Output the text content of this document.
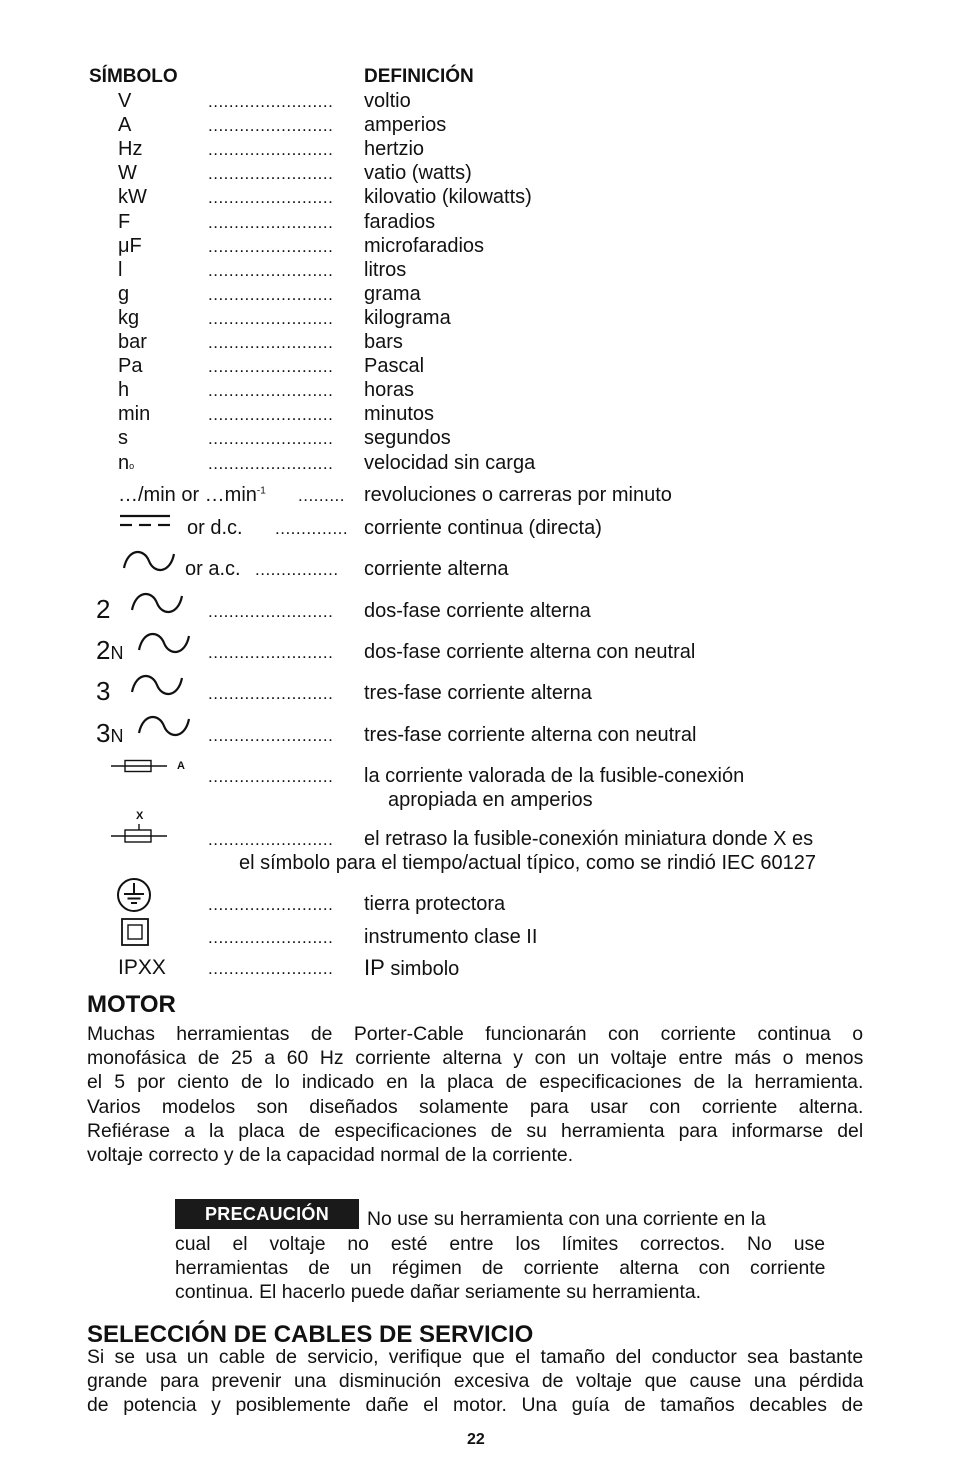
SÍMBOLO	DEFINICIÓN
V	........................ voltio
A	........................ amperios
Hz	........................ hertzio
W	........................ vatio (watts)
kW	........................ kilovatio (kilowatts)
F	........................ faradios
μF	........................ microfaradios
l	........................ litros
g	........................ grama
kg	........................ kilograma
bar	........................ bars
Pa	........................ Pascal
h	........................ horas
min	........................ minutos
s	........................ segundos
no	........................ velocidad sin carga
…/min or $\dots\min^{-1}$ ......... revoluciones o carreras por minuto
or d.c. .............. corriente continua (directa)
or a.c. ................ corriente alterna
2	........................ dos-fase corriente alterna
2N	........................ dos-fase corriente alterna con neutral
3	........................ tres-fase corriente alterna
3N	........................ tres-fase corriente alterna con neutral
A
........................ la corriente valorada de la fusible-conexión
apropiada en amperios
X
........................ el retraso la fusible-conexión miniatura donde X es
el símbolo para el tiempo/actual típico, como se rindió IEC 60127
........................ tierra protectora
........................ instrumento clase II
IPXX ........................ IP simbolo
MOTOR
Muchas herramientas de Porter-Cable funcionarán con corriente continua o
monofásica de 25 a 60 Hz corriente alterna y con un voltaje entre más o menos
el 5 por ciento de lo indicado en la placa de especificaciones de la herramienta.
Varios modelos son diseñados solamente para usar con corriente alterna.
Refiérase a la placa de especificaciones de su herramienta para informarse del
voltaje correcto y de la capacidad normal de la corriente.
PRECAUCIÓN	No use su herramienta con una corriente en la
cual el voltaje no esté entre los límites correctos. No use
herramientas de un régimen de corriente alterna con corriente
continua. El hacerlo puede dañar seriamente su herramienta.
SELECCIÓN DE CABLES DE SERVICIO
Si se usa un cable de servicio, verifique que el tamaño del conductor sea bastante
grande para prevenir una disminución excesiva de voltaje que cause una pérdida
de potencia y posiblemente dañe el motor. Una guía de tamaños decables de
22
